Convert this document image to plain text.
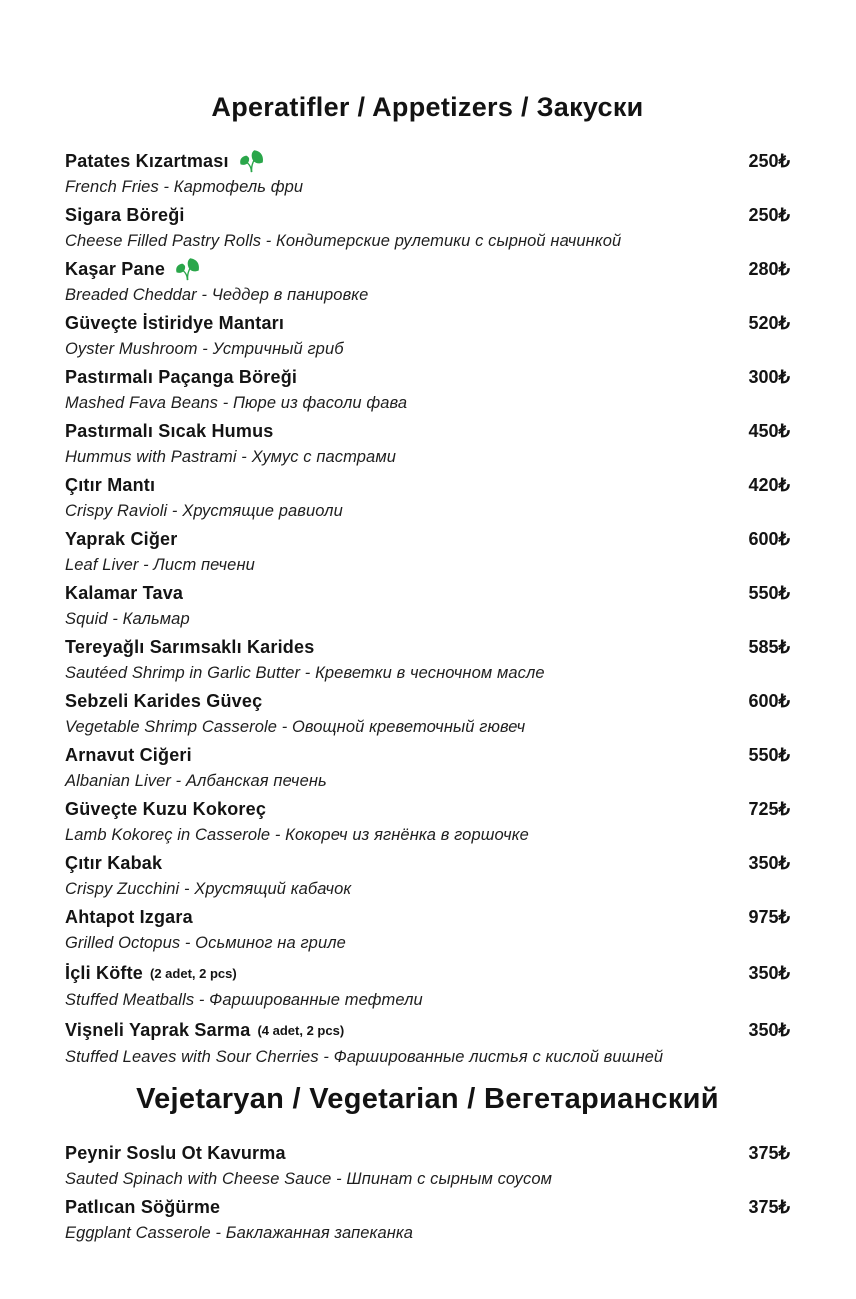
Aperatifler / Appetizers / Закуски
Patates Kızartması	250₺
French Fries - Картофель фри
Sigara Böreği	250₺
Cheese Filled Pastry Rolls - Кондитерские рулетики с сырной начинкой
Kaşar Pane	280₺
Breaded Cheddar - Чеддер в панировке
Güveçte İstiridye Mantarı	520₺
Oyster Mushroom - Устричный гриб
Pastırmalı Paçanga Böreği	300₺
Mashed Fava Beans - Пюре из фасоли фава
Pastırmalı Sıcak Humus	450₺
Hummus with Pastrami - Хумус с пастрами
Çıtır Mantı	420₺
Crispy Ravioli - Хрустящие равиоли
Yaprak Ciğer	600₺
Leaf Liver - Лист печени
Kalamar Tava	550₺
Squid - Кальмар
Tereyağlı Sarımsaklı Karides	585₺
Sautéed Shrimp in Garlic Butter - Креветки в чесночном масле
Sebzeli Karides Güveç	600₺
Vegetable Shrimp Casserole - Овощной креветочный гювеч
Arnavut Ciğeri	550₺
Albanian Liver - Албанская печень
Güveçte Kuzu Kokoreç	725₺
Lamb Kokoreç in Casserole - Кокореч из ягнёнка в горшочке
Çıtır Kabak	350₺
Crispy Zucchini - Хрустящий кабачок
Ahtapot Izgara	975₺
Grilled Octopus - Осьминог на гриле
İçli Köfte (2 adet, 2 pcs)	350₺
Stuffed Meatballs - Фаршированные тефтели
Vişneli Yaprak Sarma (4 adet, 2 pcs)	350₺
Stuffed Leaves with Sour Cherries - Фаршированные листья с кислой вишней
Vejetaryan / Vegetarian / Вегетарианский
Peynir Soslu Ot Kavurma	375₺
Sauted Spinach with Cheese Sauce - Шпинат с сырным соусом
Patlıcan Söğürme	375₺
Eggplant Casserole - Баклажанная запеканка
